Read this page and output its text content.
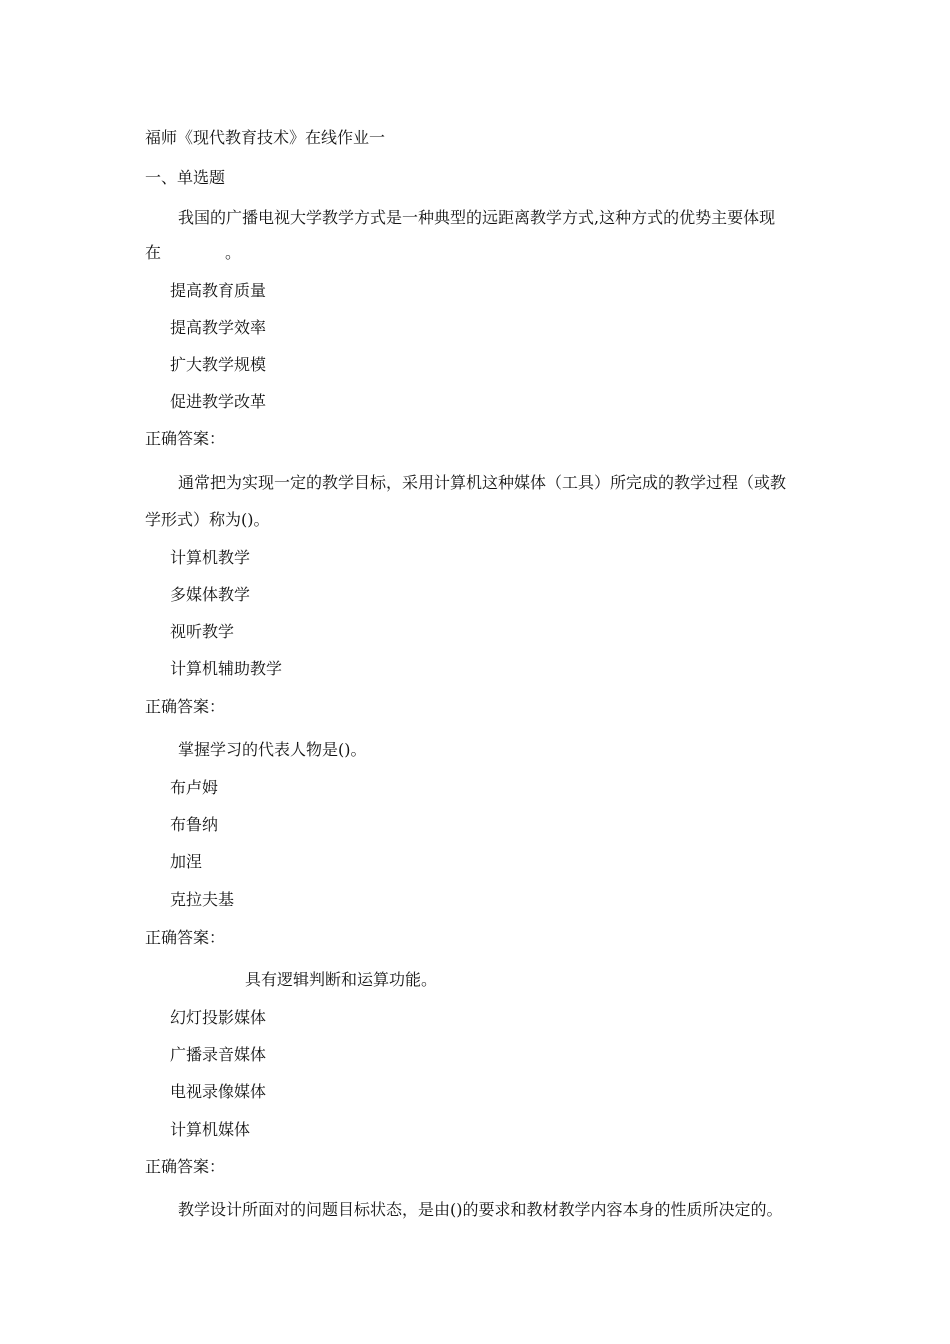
福师《现代教育技术》在线作业一
一、单选题
我国的广播电视大学教学方式是一种典型的远距离教学方式,这种方式的优势主要体现
在　　　　。
提高教育质量
提高教学效率
扩大教学规模
促进教学改革
正确答案：
通常把为实现一定的教学目标，采用计算机这种媒体（工具）所完成的教学过程（或教
学形式）称为()。
计算机教学
多媒体教学
视听教学
计算机辅助教学
正确答案：
掌握学习的代表人物是()。
布卢姆
布鲁纳
加涅
克拉夫基
正确答案：
具有逻辑判断和运算功能。
幻灯投影媒体
广播录音媒体
电视录像媒体
计算机媒体
正确答案：
教学设计所面对的问题目标状态，是由()的要求和教材教学内容本身的性质所决定的。
